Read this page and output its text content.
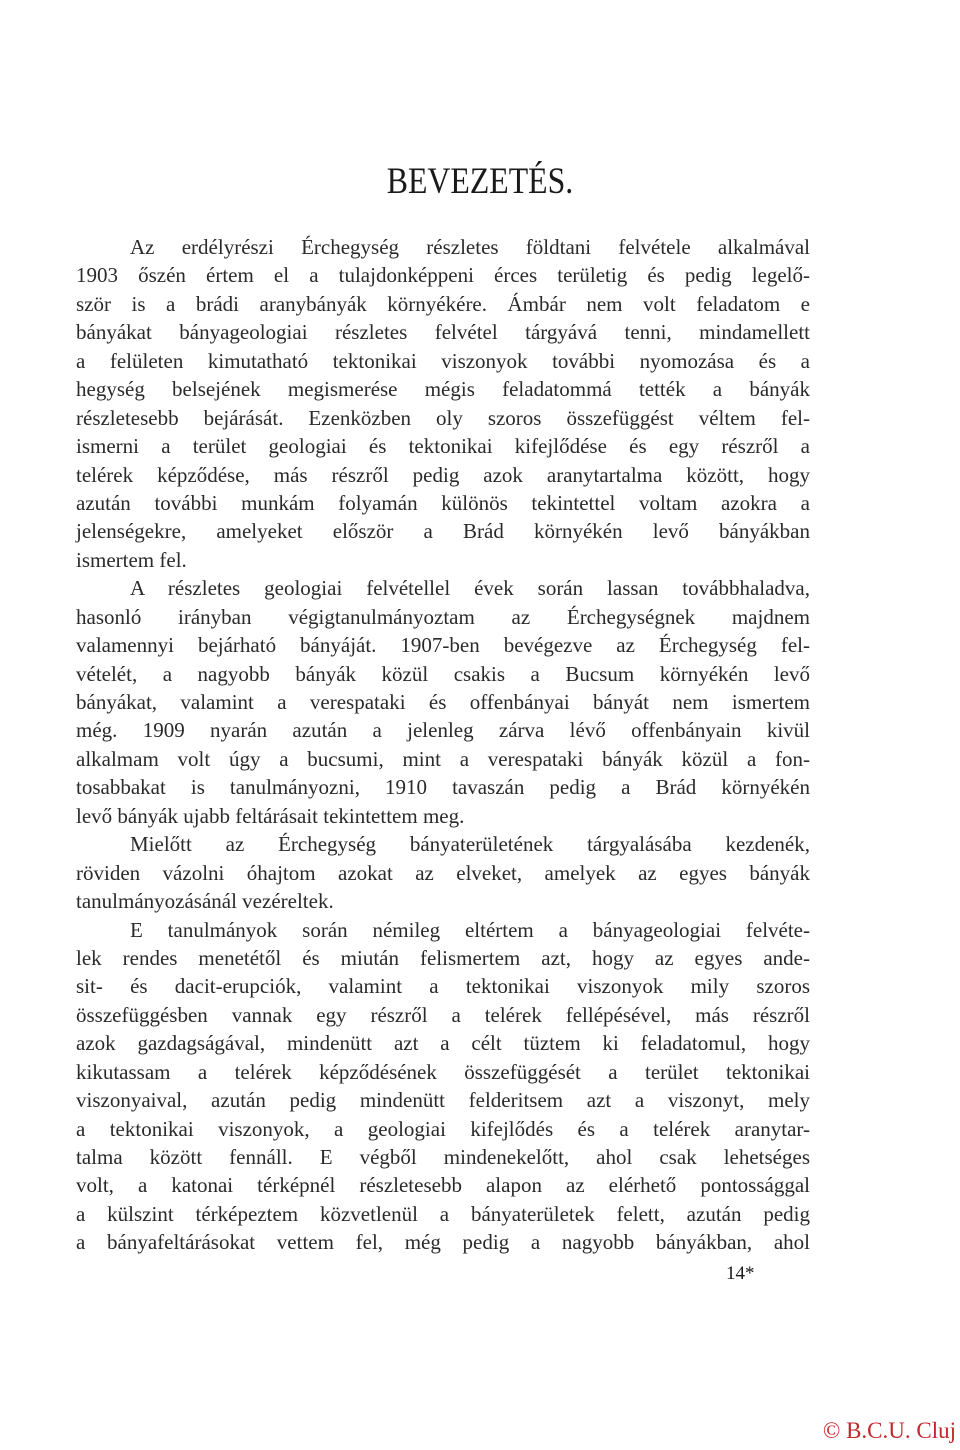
BEVEZETÉS.
Az erdélyrészi Érchegység részletes földtani felvétele alkalmával
1903 őszén értem el a tulajdonképpeni érces területig és pedig legelő-
ször is a brádi aranybányák környékére. Ámbár nem volt feladatom e
bányákat bányageologiai részletes felvétel tárgyává tenni, mindamellett
a felületen kimutatható tektonikai viszonyok további nyomozása és a
hegység belsejének megismerése mégis feladatommá tették a bányák
részletesebb bejárását. Ezenközben oly szoros összefüggést véltem fel-
ismerni a terület geologiai és tektonikai kifejlődése és egy részről a
telérek képződése, más részről pedig azok aranytartalma között, hogy
azután további munkám folyamán különös tekintettel voltam azokra a
jelenségekre, amelyeket először a Brád környékén levő bányákban
ismertem fel.
A részletes geologiai felvétellel évek során lassan továbbhaladva,
hasonló irányban végigtanulmányoztam az Érchegységnek majdnem
valamennyi bejárható bányáját. 1907-ben bevégezve az Érchegység fel-
vételét, a nagyobb bányák közül csakis a Bucsum környékén levő
bányákat, valamint a verespataki és offenbányai bányát nem ismertem
még. 1909 nyarán azután a jelenleg zárva lévő offenbányain kivül
alkalmam volt úgy a bucsumi, mint a verespataki bányák közül a fon-
tosabbakat is tanulmányozni, 1910 tavaszán pedig a Brád környékén
levő bányák ujabb feltárásait tekintettem meg.
Mielőtt az Érchegység bányaterületének tárgyalásába kezdenék,
röviden vázolni óhajtom azokat az elveket, amelyek az egyes bányák
tanulmányozásánál vezéreltek.
E tanulmányok során némileg eltértem a bányageologiai felvéte-
lek rendes menetétől és miután felismertem azt, hogy az egyes ande-
sit- és dacit-erupciók, valamint a tektonikai viszonyok mily szoros
összefüggésben vannak egy részről a telérek fellépésével, más részről
azok gazdagságával, mindenütt azt a célt tüztem ki feladatomul, hogy
kikutassam a telérek képződésének összefüggését a terület tektonikai
viszonyaival, azután pedig mindenütt felderitsem azt a viszonyt, mely
a tektonikai viszonyok, a geologiai kifejlődés és a telérek aranytar-
talma között fennáll. E végből mindenekelőtt, ahol csak lehetséges
volt, a katonai térképnél részletesebb alapon az elérhető pontossággal
a külszint térképeztem közvetlenül a bányaterületek felett, azután pedig
a bányafeltárásokat vettem fel, még pedig a nagyobb bányákban, ahol
14*
© B.C.U. Cluj
